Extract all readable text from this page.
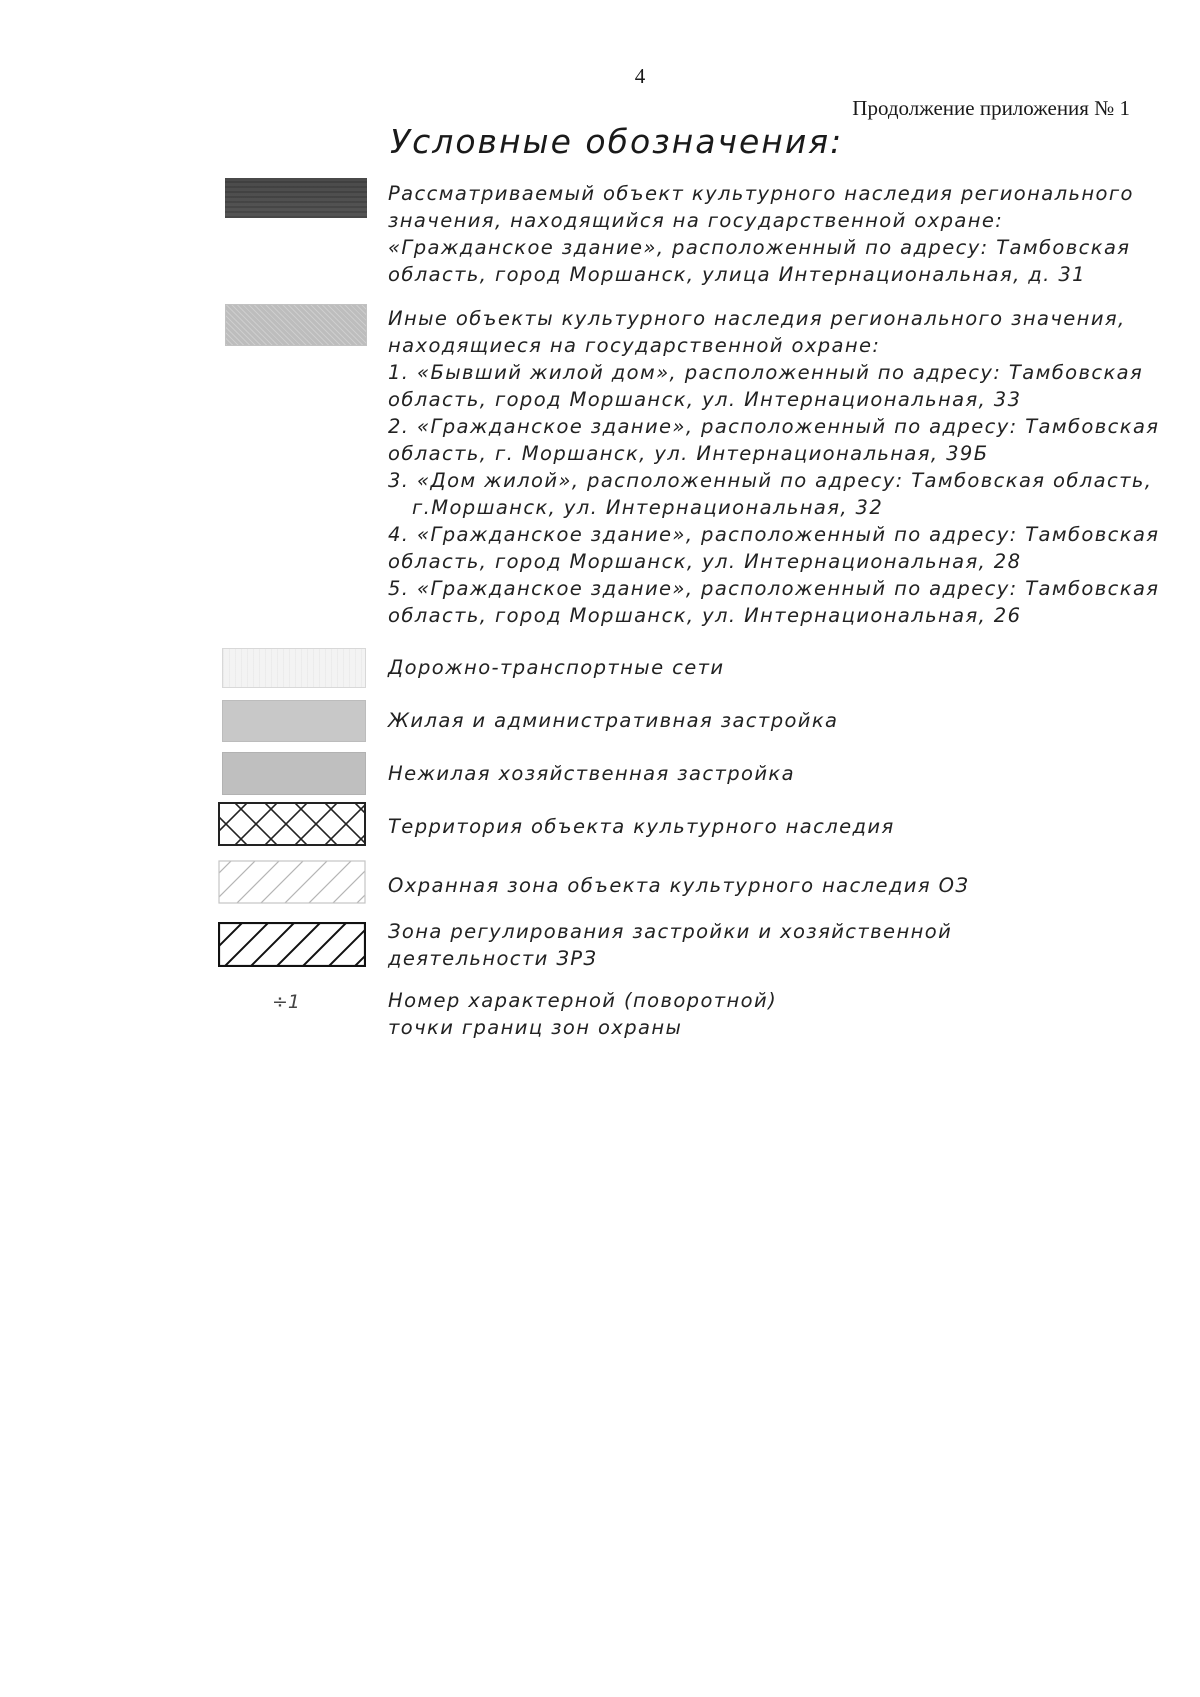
4
Продолжение приложения № 1
Условные обозначения:
Рассматриваемый объект культурного наследия регионального
значения, находящийся на государственной охране:
«Гражданское здание», расположенный по адресу: Тамбовская
область, город Моршанск, улица Интернациональная, д. 31
Иные объекты культурного наследия регионального значения,
находящиеся на государственной охране:
1. «Бывший жилой дом», расположенный по адресу: Тамбовская
область, город Моршанск, ул. Интернациональная, 33
2. «Гражданское здание», расположенный по адресу: Тамбовская
область, г. Моршанск, ул. Интернациональная, 39Б
3. «Дом жилой», расположенный по адресу: Тамбовская область,
г.Моршанск, ул. Интернациональная, 32
4. «Гражданское здание», расположенный по адресу: Тамбовская
область, город Моршанск, ул. Интернациональная, 28
5. «Гражданское здание», расположенный по адресу: Тамбовская
область, город Моршанск, ул. Интернациональная, 26
Дорожно-транспортные сети
Жилая и административная застройка
Нежилая хозяйственная застройка
Территория объекта культурного наследия
Охранная зона объекта культурного наследия ОЗ
Зона регулирования застройки и хозяйственной
деятельности ЗРЗ
÷1	Номер характерной (поворотной)
точки границ зон охраны
